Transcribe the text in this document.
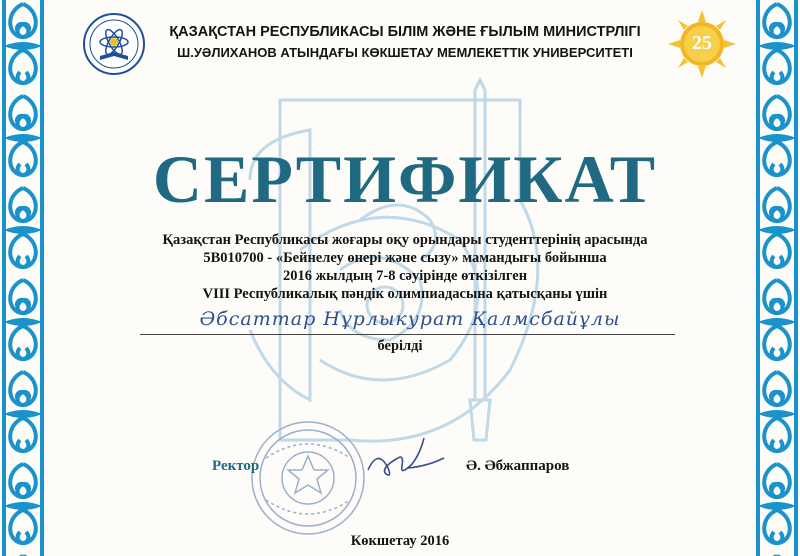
25
ҚАЗАҚСТАН РЕСПУБЛИКАСЫ БІЛІМ ЖӘНЕ ҒЫЛЫМ МИНИСТРЛІГІ
Ш.УӘЛИХАНОВ АТЫНДАҒЫ КӨКШЕТАУ МЕМЛЕКЕТТІК УНИВЕРСИТЕТІ
СЕРТИФИКАТ
Қазақстан Республикасы жоғары оқу орындары студенттерінің арасында
5В010700 - «Бейнелеу өнері және сызу» мамандығы бойынша
2016 жылдың 7-8 сәуірінде өткізілген
VIII Республикалық пәндік олимпиадасына қатысқаны үшін
Әбсаттар Нұрлыкурат Қалмсбайұлы
берілді
Ректор	Ә. Әбжаппаров
Көкшетау 2016
